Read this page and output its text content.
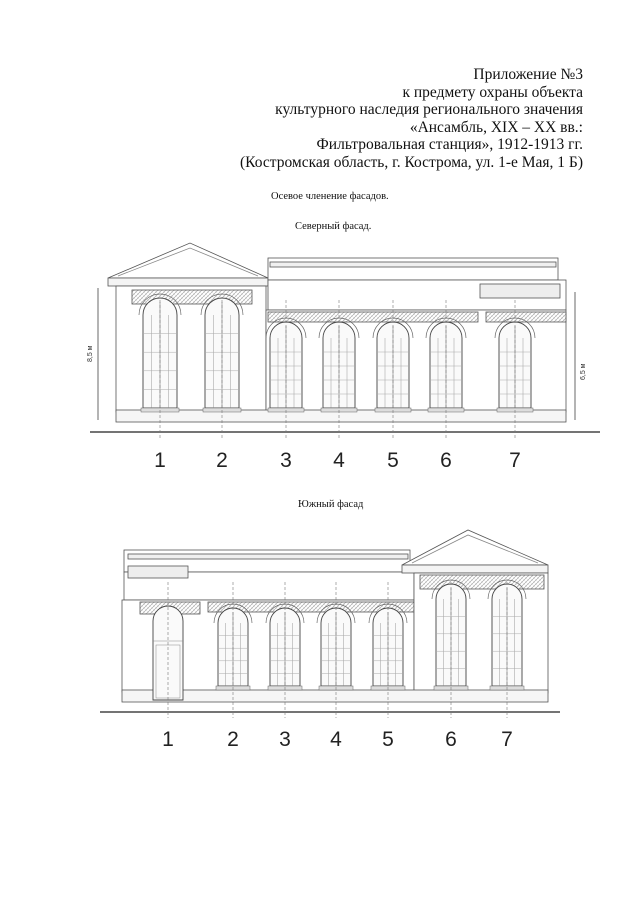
Приложение №3
к предмету охраны объекта
культурного наследия регионального значения
«Ансамбль, XIX – XX вв.:
Фильтровальная станция», 1912-1913 гг.
(Костромская область, г. Кострома, ул. 1-е Мая, 1 Б)
Осевое членение фасадов.
Северный фасад.
Южный фасад
8,5 м
6,5 м
1 2 3 4 5 6	7
1	2 3 4 5 6 7
